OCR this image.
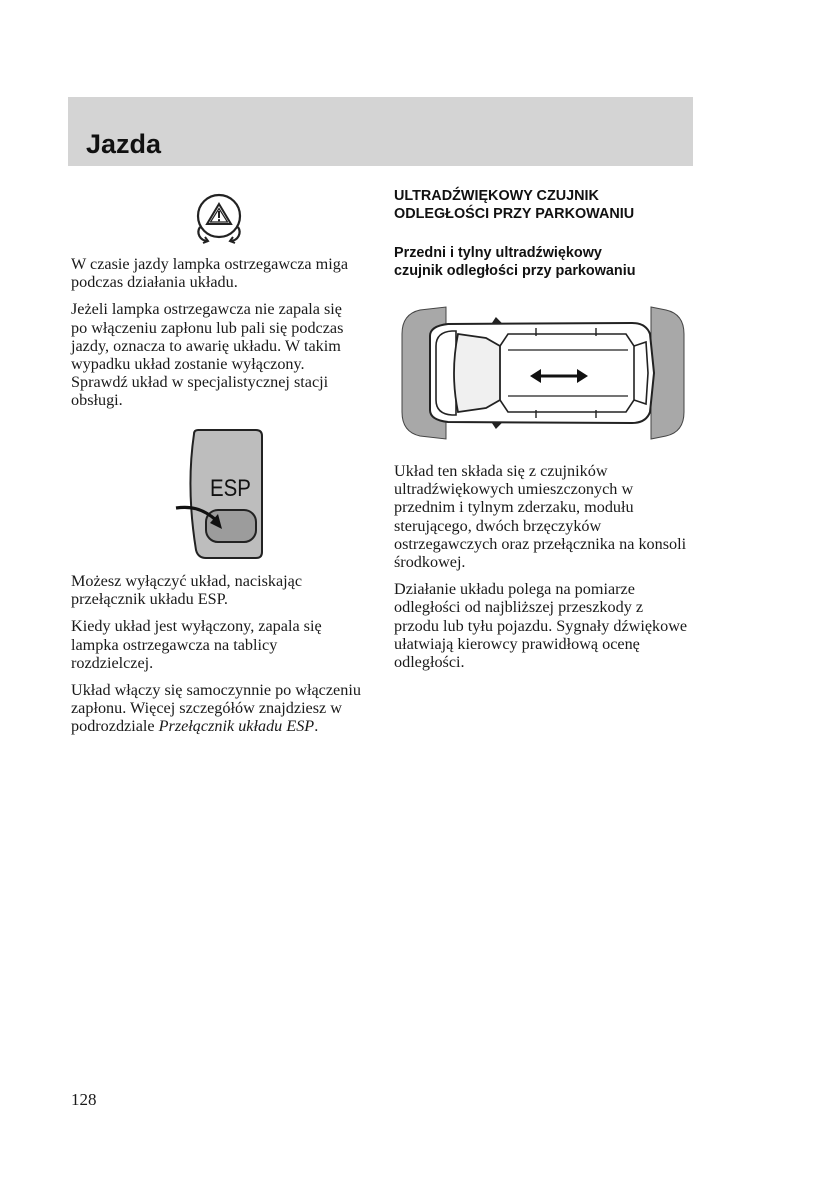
Jazda

W czasie jazdy lampka ostrzegawcza miga podczas działania układu.

Jeżeli lampka ostrzegawcza nie zapala się po włączeniu zapłonu lub pali się podczas jazdy, oznacza to awarię układu. W takim wypadku układ zostanie wyłączony. Sprawdź układ w specjalistycznej stacji obsługi.

ESP

Możesz wyłączyć układ, naciskając przełącznik układu ESP.

Kiedy układ jest wyłączony, zapala się lampka ostrzegawcza na tablicy rozdzielczej.

Układ włączy się samoczynnie po włączeniu zapłonu. Więcej szczegółów znajdziesz w podrozdziale Przełącznik układu ESP.

ULTRADŹWIĘKOWY CZUJNIK
ODLEGŁOŚCI PRZY PARKOWANIU
Przedni i tylny ultradźwiękowy
czujnik odległości przy parkowaniu

Układ ten składa się z czujników ultradźwiękowych umieszczonych w przednim i tylnym zderzaku, modułu sterującego, dwóch brzęczyków ostrzegawczych oraz przełącznika na konsoli środkowej.

Działanie układu polega na pomiarze odległości od najbliższej przeszkody z przodu lub tyłu pojazdu. Sygnały dźwiękowe ułatwiają kierowcy prawidłową ocenę odległości.

128
